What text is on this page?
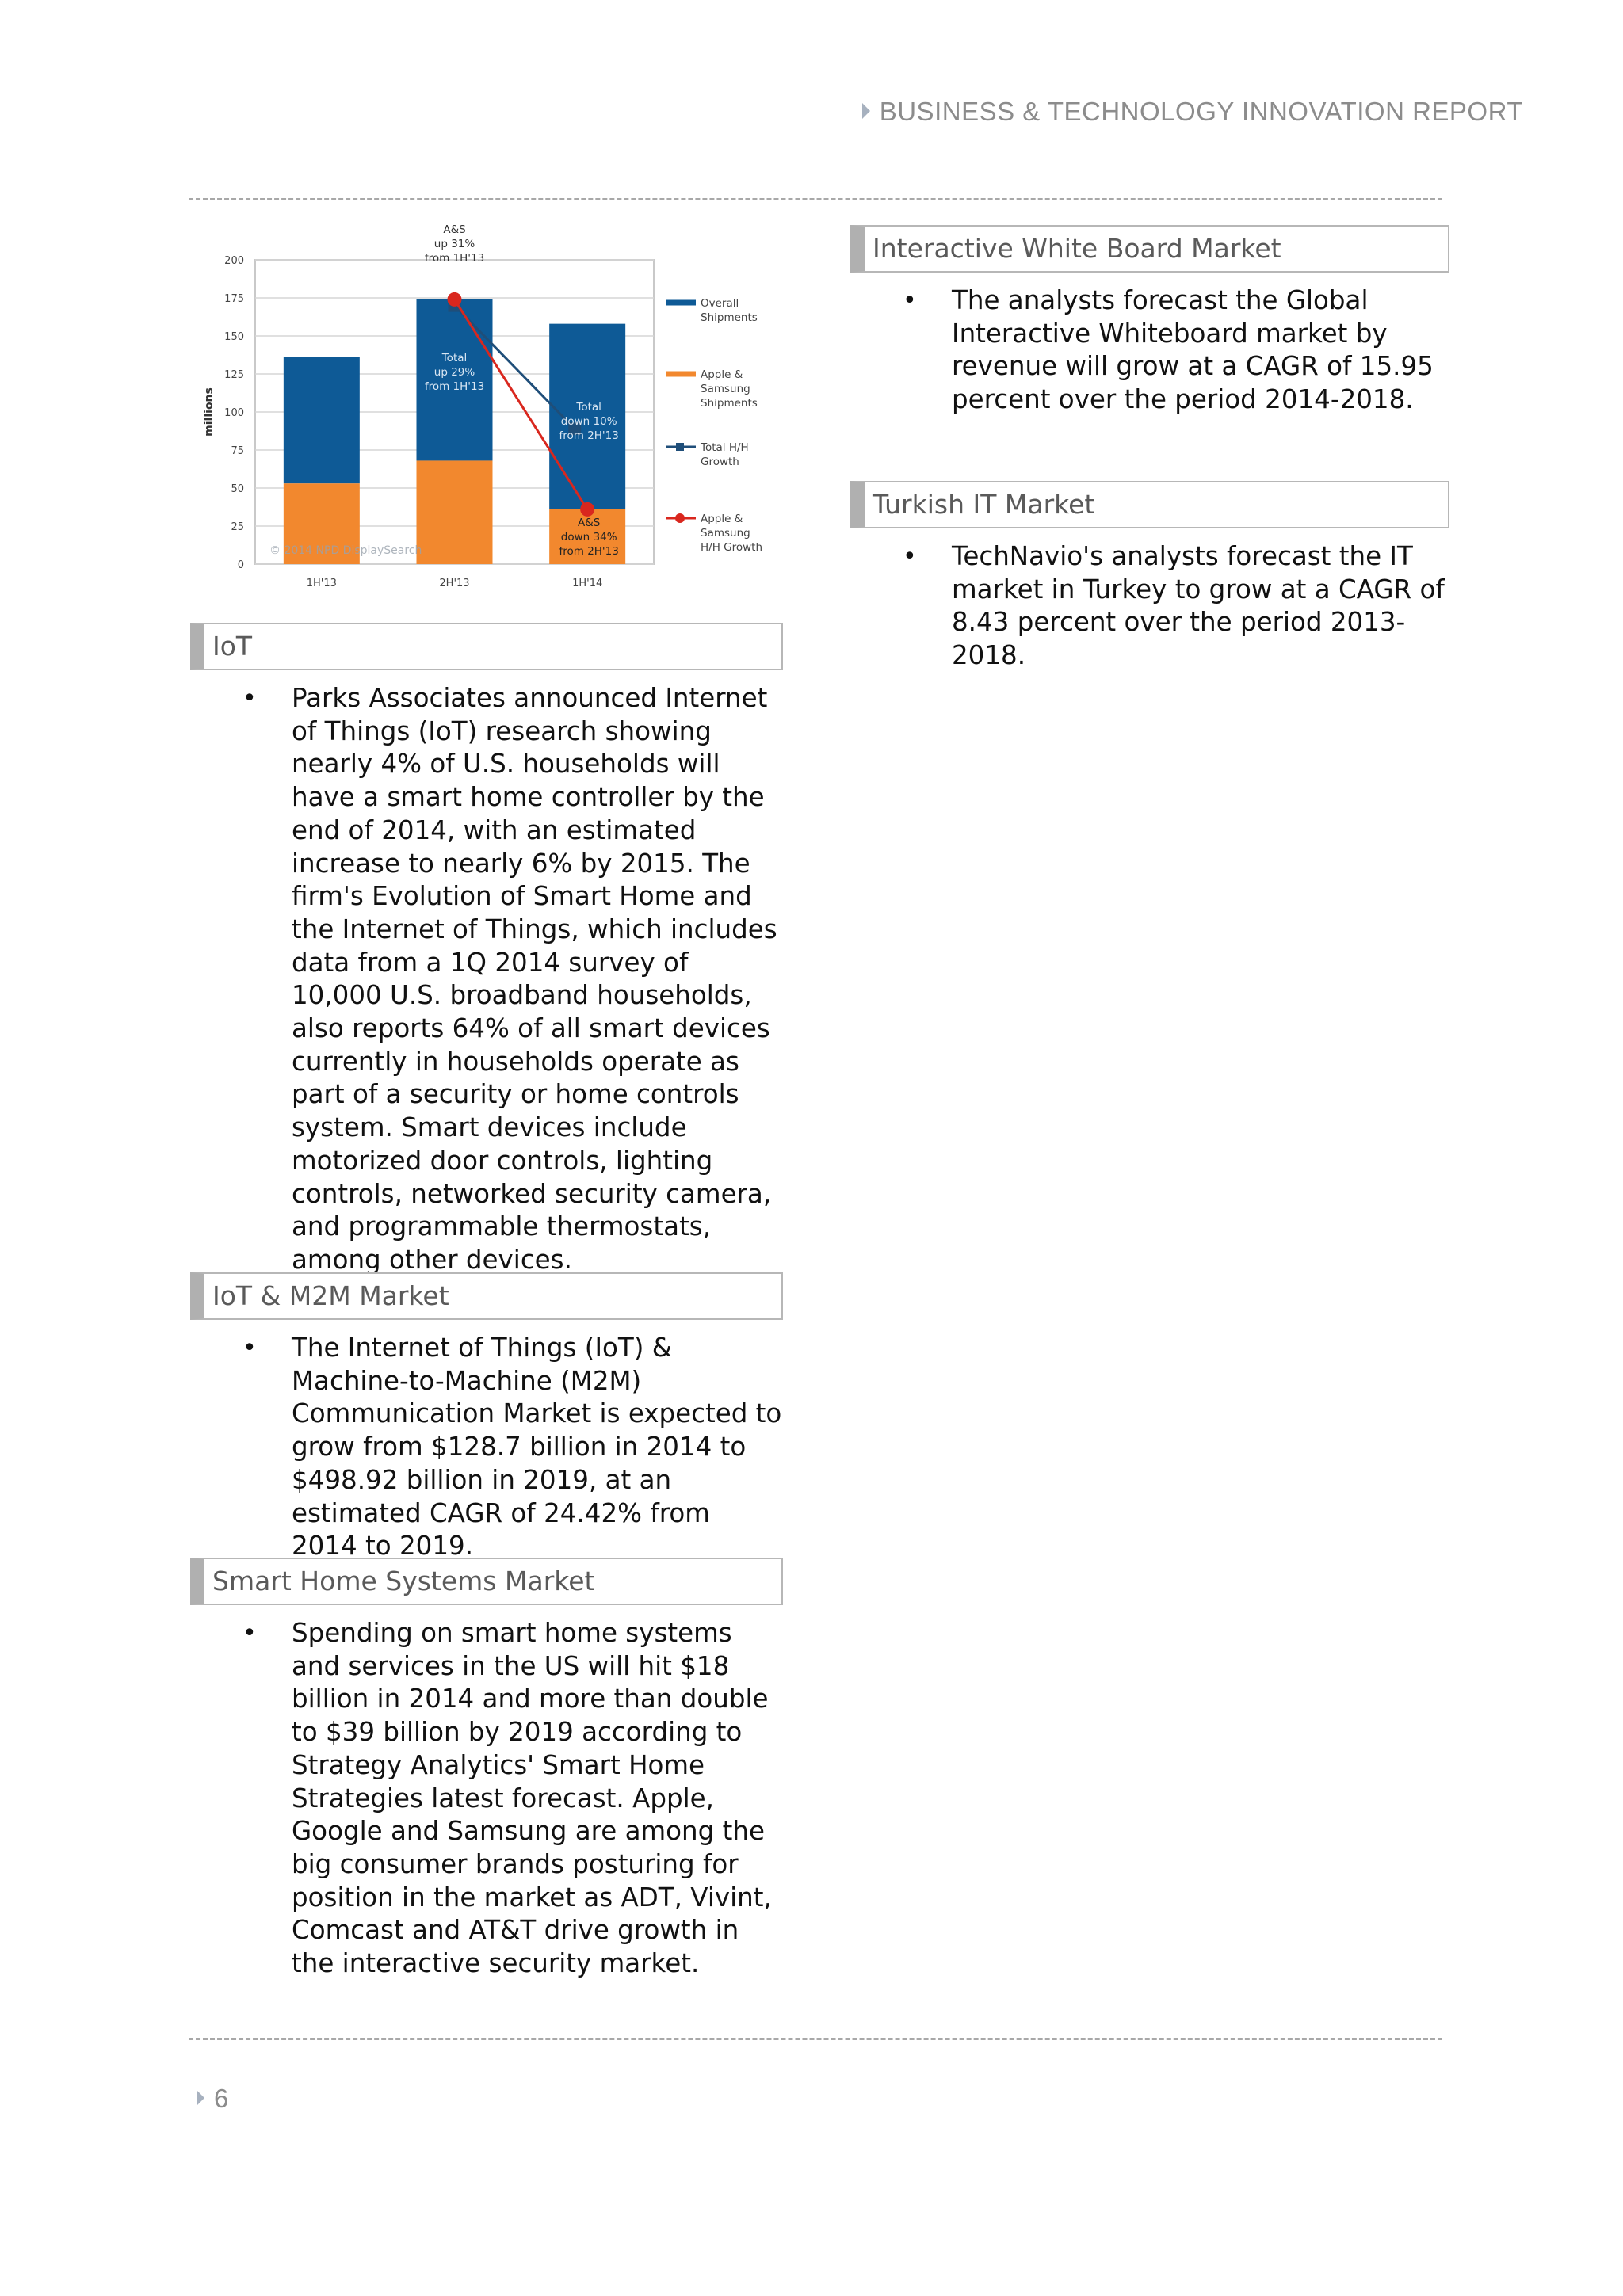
BUSINESS & TECHNOLOGY INNOVATION REPORT
0
25
50
75
100
125
150
175
200
millions
1H'13	2H'13	1H'14
© 2014 NPD DisplaySearch
A&S
up 31%
from 1H'13
Total
up 29%
from 1H'13
Total
down 10%
from 2H'13
A&S
down 34%
from 2H'13
Overall
Shipments
Apple &
Samsung
Shipments
Total H/H
Growth
Apple &
Samsung
H/H Growth
IoT
• Parks Associates announced Internet of Things (IoT) research showing nearly 4% of U.S. households will have a smart home controller by the end of 2014, with an estimated increase to nearly 6% by 2015. The firm's Evolution of Smart Home and the Internet of Things, which includes data from a 1Q 2014 survey of 10,000 U.S. broadband households, also reports 64% of all smart devices currently in households operate as part of a security or home controls system. Smart devices include motorized door controls, lighting controls, networked security camera, and programmable thermostats, among other devices.
IoT & M2M Market
• The Internet of Things (IoT) & Machine-to-Machine (M2M) Communication Market is expected to grow from $128.7 billion in 2014 to $498.92 billion in 2019, at an estimated CAGR of 24.42% from 2014 to 2019.
Smart Home Systems Market
• Spending on smart home systems and services in the US will hit $18 billion in 2014 and more than double to $39 billion by 2019 according to Strategy Analytics' Smart Home Strategies latest forecast. Apple, Google and Samsung are among the big consumer brands posturing for position in the market as ADT, Vivint, Comcast and AT&T drive growth in the interactive security market.
Interactive White Board Market
• The analysts forecast the Global Interactive Whiteboard market by revenue will grow at a CAGR of 15.95 percent over the period 2014-2018.
Turkish IT Market
• TechNavio's analysts forecast the IT market in Turkey to grow at a CAGR of 8.43 percent over the period 2013-2018.
6
